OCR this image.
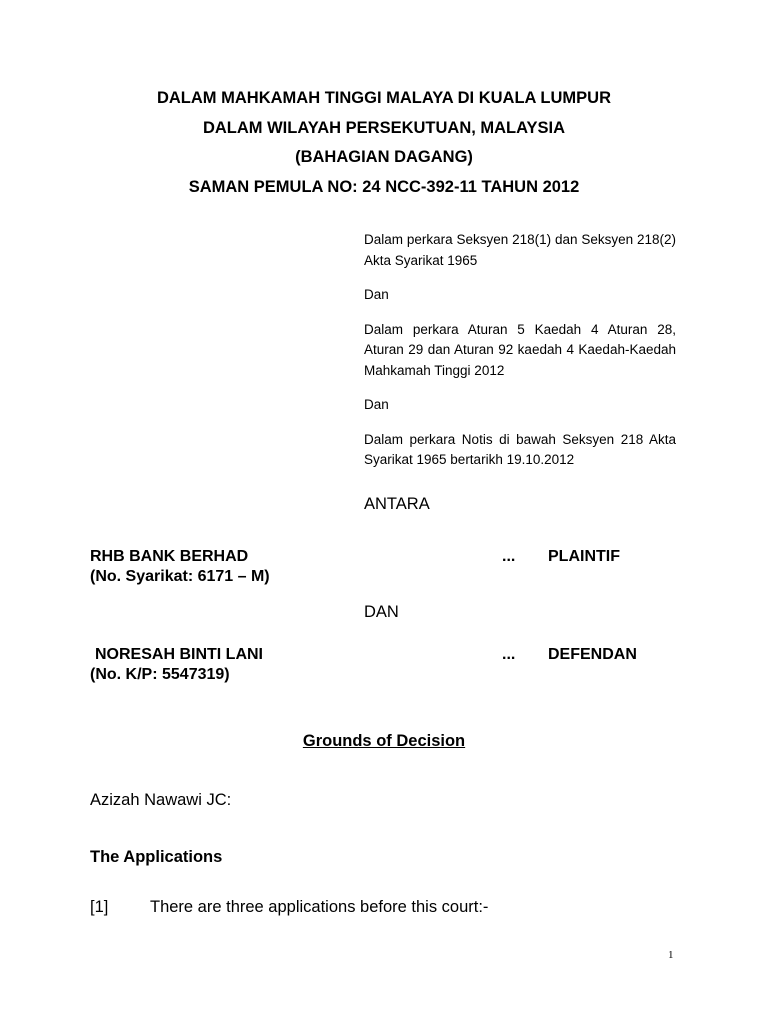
DALAM MAHKAMAH TINGGI MALAYA DI KUALA LUMPUR
DALAM WILAYAH PERSEKUTUAN, MALAYSIA
(BAHAGIAN DAGANG)
SAMAN PEMULA NO: 24 NCC-392-11 TAHUN 2012

Dalam perkara Seksyen 218(1) dan Seksyen 218(2) Akta Syarikat 1965

Dan

Dalam perkara Aturan 5 Kaedah 4 Aturan 28, Aturan 29 dan Aturan 92 kaedah 4 Kaedah-Kaedah Mahkamah Tinggi 2012

Dan

Dalam perkara Notis di bawah Seksyen 218 Akta Syarikat 1965 bertarikh 19.10.2012

ANTARA
RHB BANK BERHAD
(No. Syarikat: 6171 – M)
... PLAINTIF
DAN
NORESAH BINTI LANI
(No. K/P: 5547319)
... DEFENDAN
Grounds of Decision
Azizah Nawawi JC:
The Applications
[1]	There are three applications before this court:-
1
